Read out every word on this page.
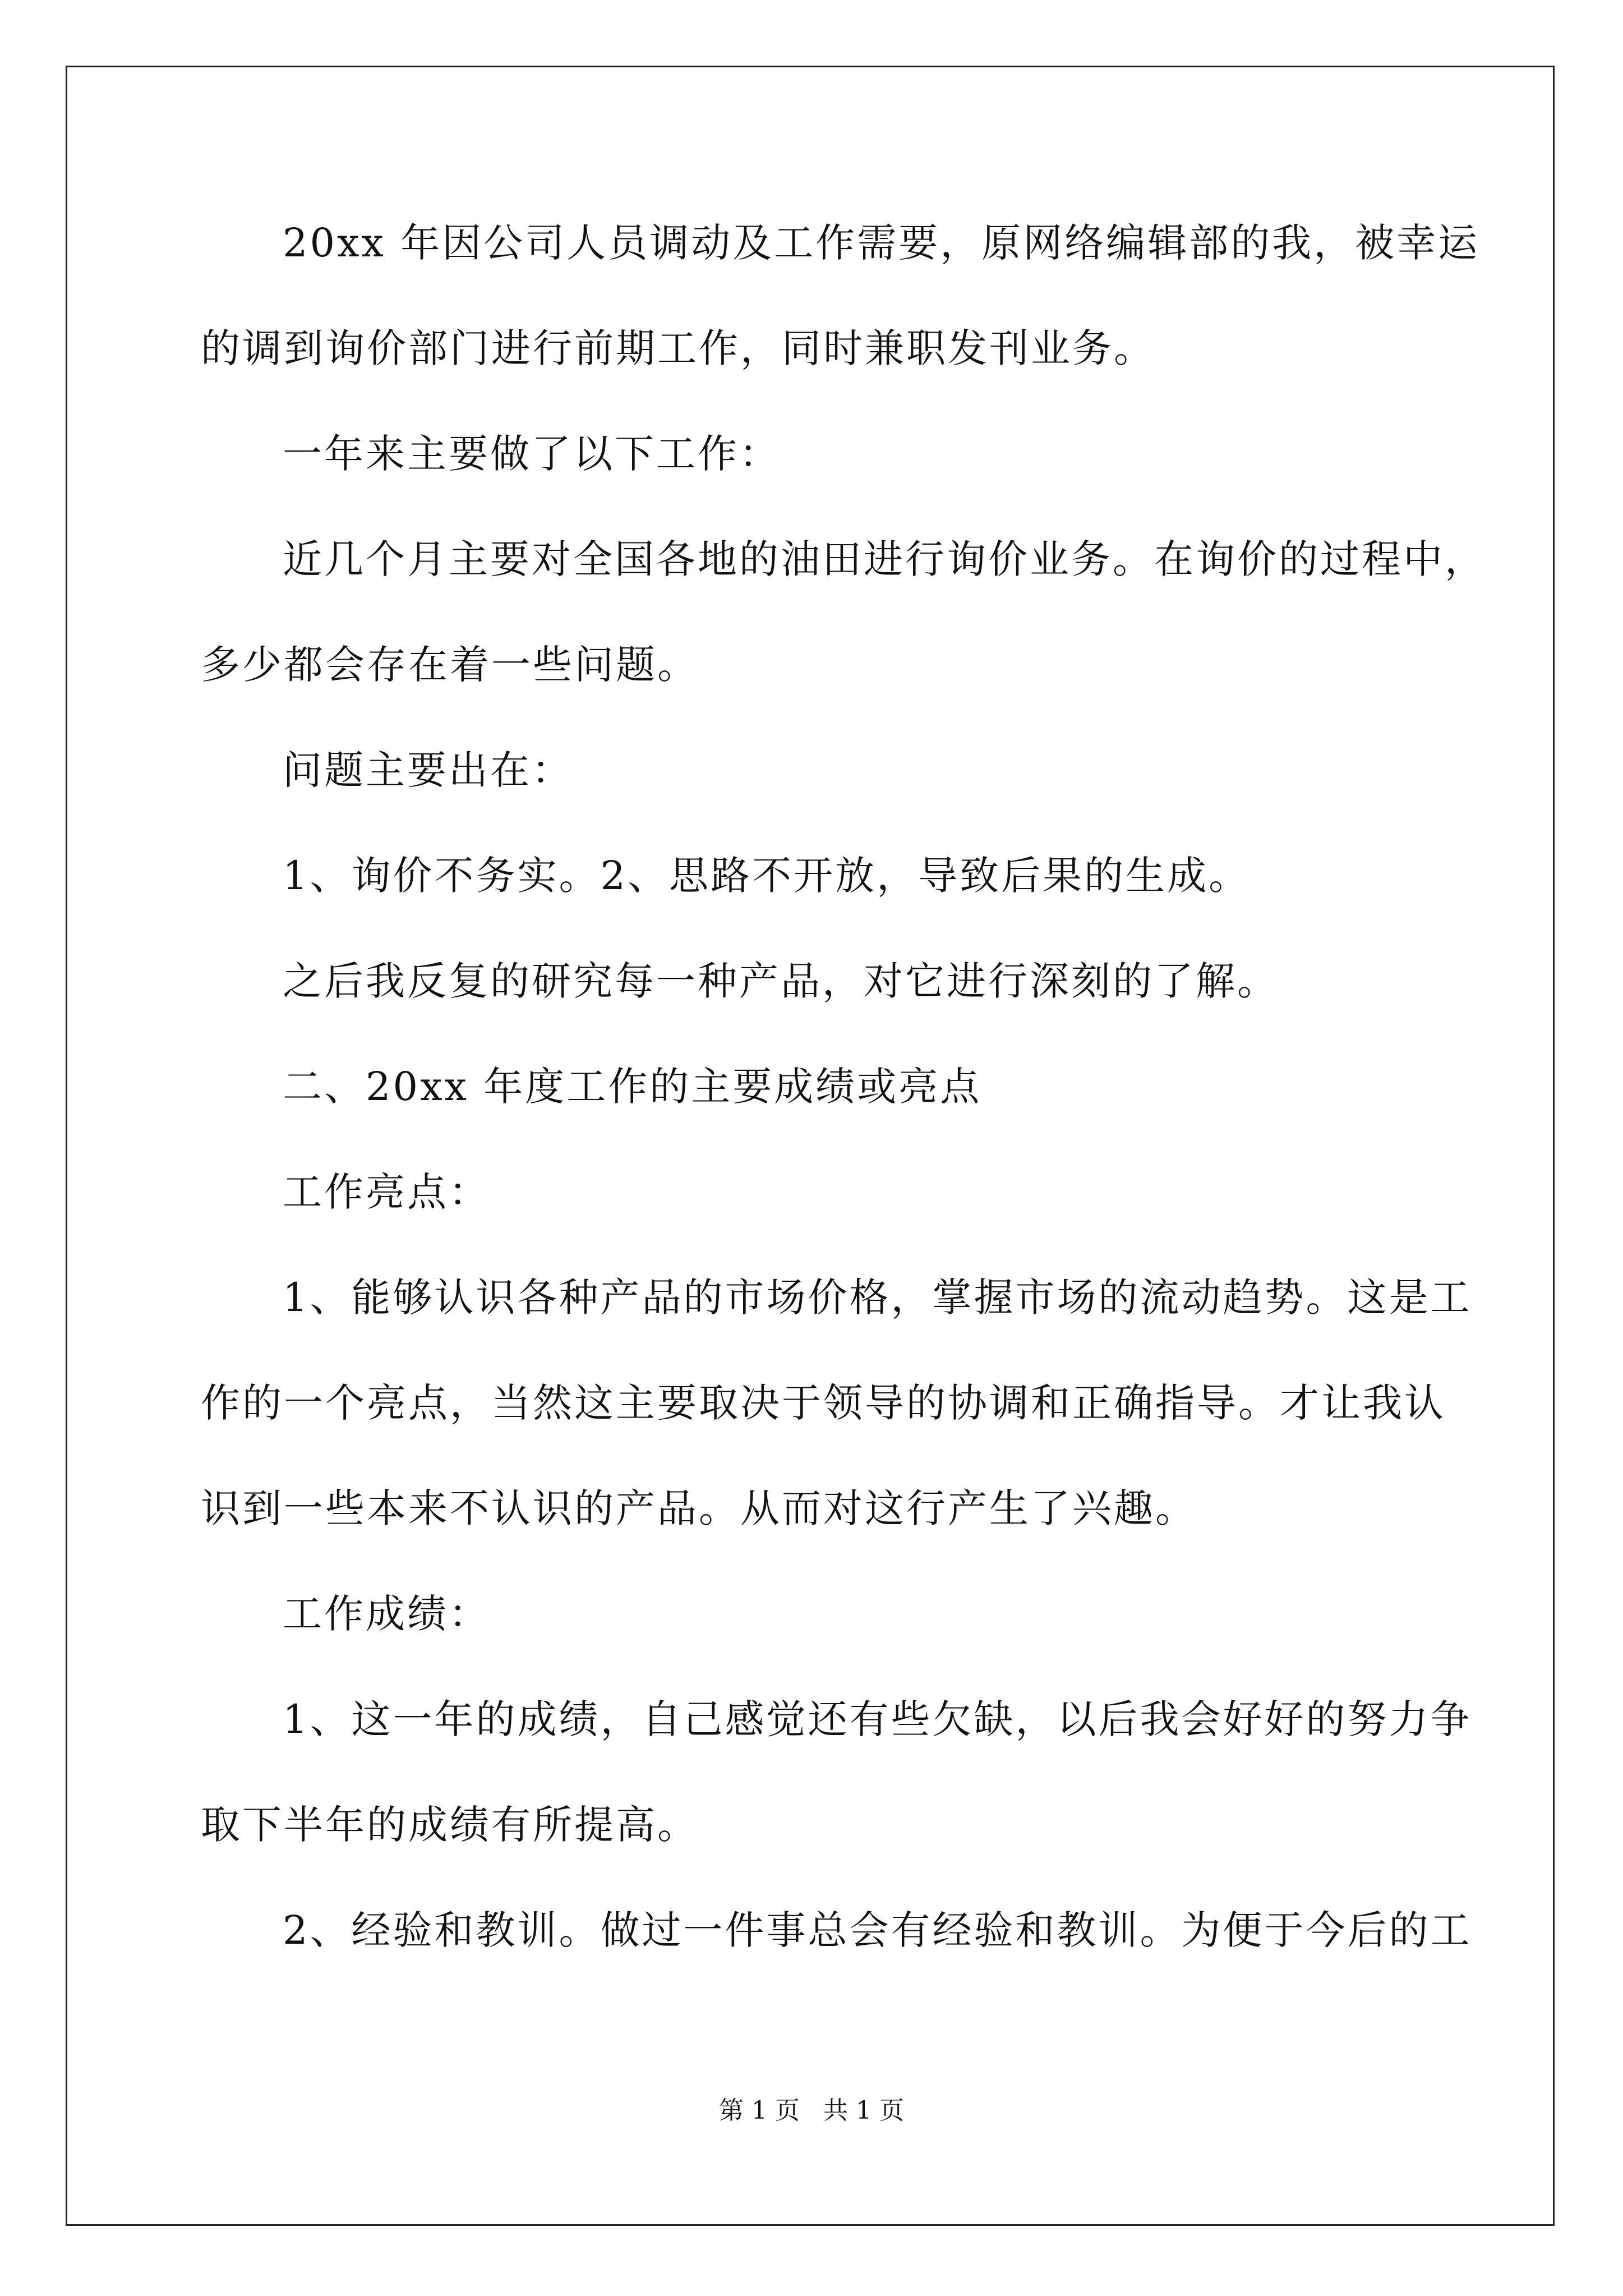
20xx 年因公司人员调动及工作需要，原网络编辑部的我，被幸运
的调到询价部门进行前期工作，同时兼职发刊业务。
一年来主要做了以下工作：
近几个月主要对全国各地的油田进行询价业务。在询价的过程中，
多少都会存在着一些问题。
问题主要出在：
1、询价不务实。2、思路不开放，导致后果的生成。
之后我反复的研究每一种产品，对它进行深刻的了解。
二、20xx 年度工作的主要成绩或亮点
工作亮点：
1、能够认识各种产品的市场价格，掌握市场的流动趋势。这是工
作的一个亮点，当然这主要取决于领导的协调和正确指导。才让我认
识到一些本来不认识的产品。从而对这行产生了兴趣。
工作成绩：
1、这一年的成绩，自己感觉还有些欠缺，以后我会好好的努力争
取下半年的成绩有所提高。
2、经验和教训。做过一件事总会有经验和教训。为便于今后的工
第 1 页   共 1 页
